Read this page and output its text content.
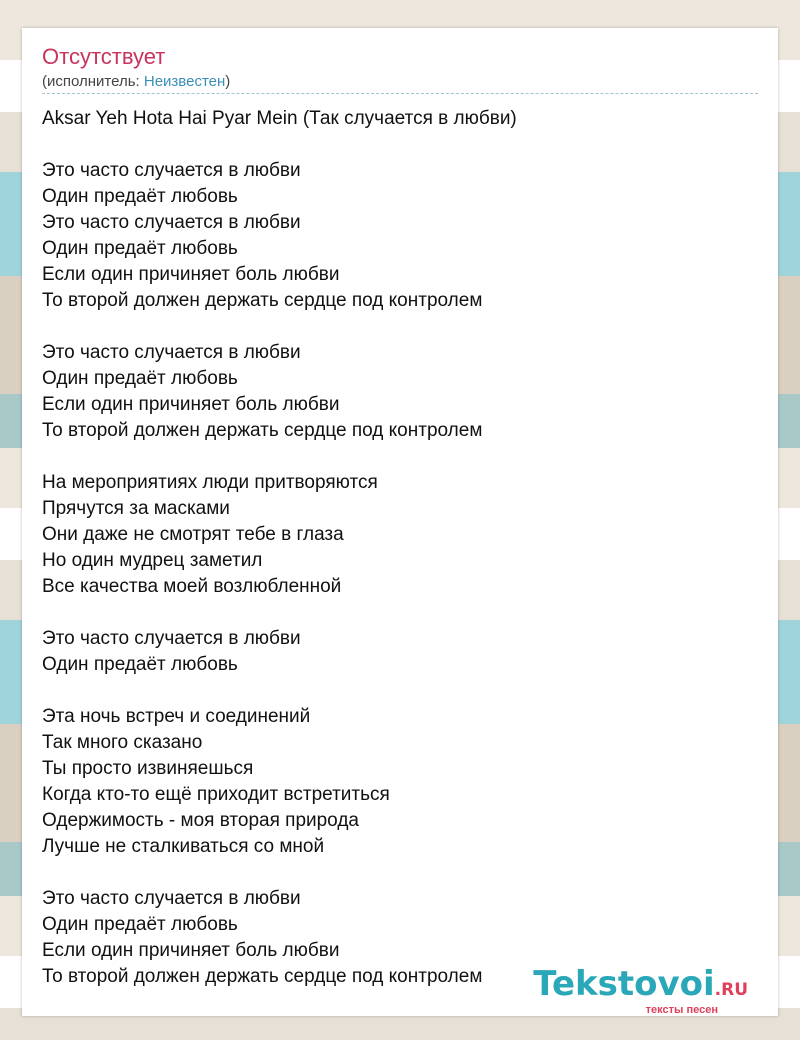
Отсутствует
(исполнитель: Неизвестен)
Aksar Yeh Hota Hai Pyar Mein (Так случается в любви)

Это часто случается в любви
Один предаёт любовь
Это часто случается в любви
Один предаёт любовь
Если один причиняет боль любви
То второй должен держать сердце под контролем

Это часто случается в любви
Один предаёт любовь
Если один причиняет боль любви
То второй должен держать сердце под контролем

На мероприятиях люди притворяются
Прячутся за масками
Они даже не смотрят тебе в глаза
Но один мудрец заметил
Все качества моей возлюбленной

Это часто случается в любви
Один предаёт любовь

Эта ночь встреч и соединений
Так много сказано
Ты просто извиняешься
Когда кто-то ещё приходит встретиться
Одержимость - моя вторая природа
Лучше не сталкиваться со мной

Это часто случается в любви
Один предаёт любовь
Если один причиняет боль любви
То второй должен держать сердце под контролем	Tekstovoi.RU
тексты песен
